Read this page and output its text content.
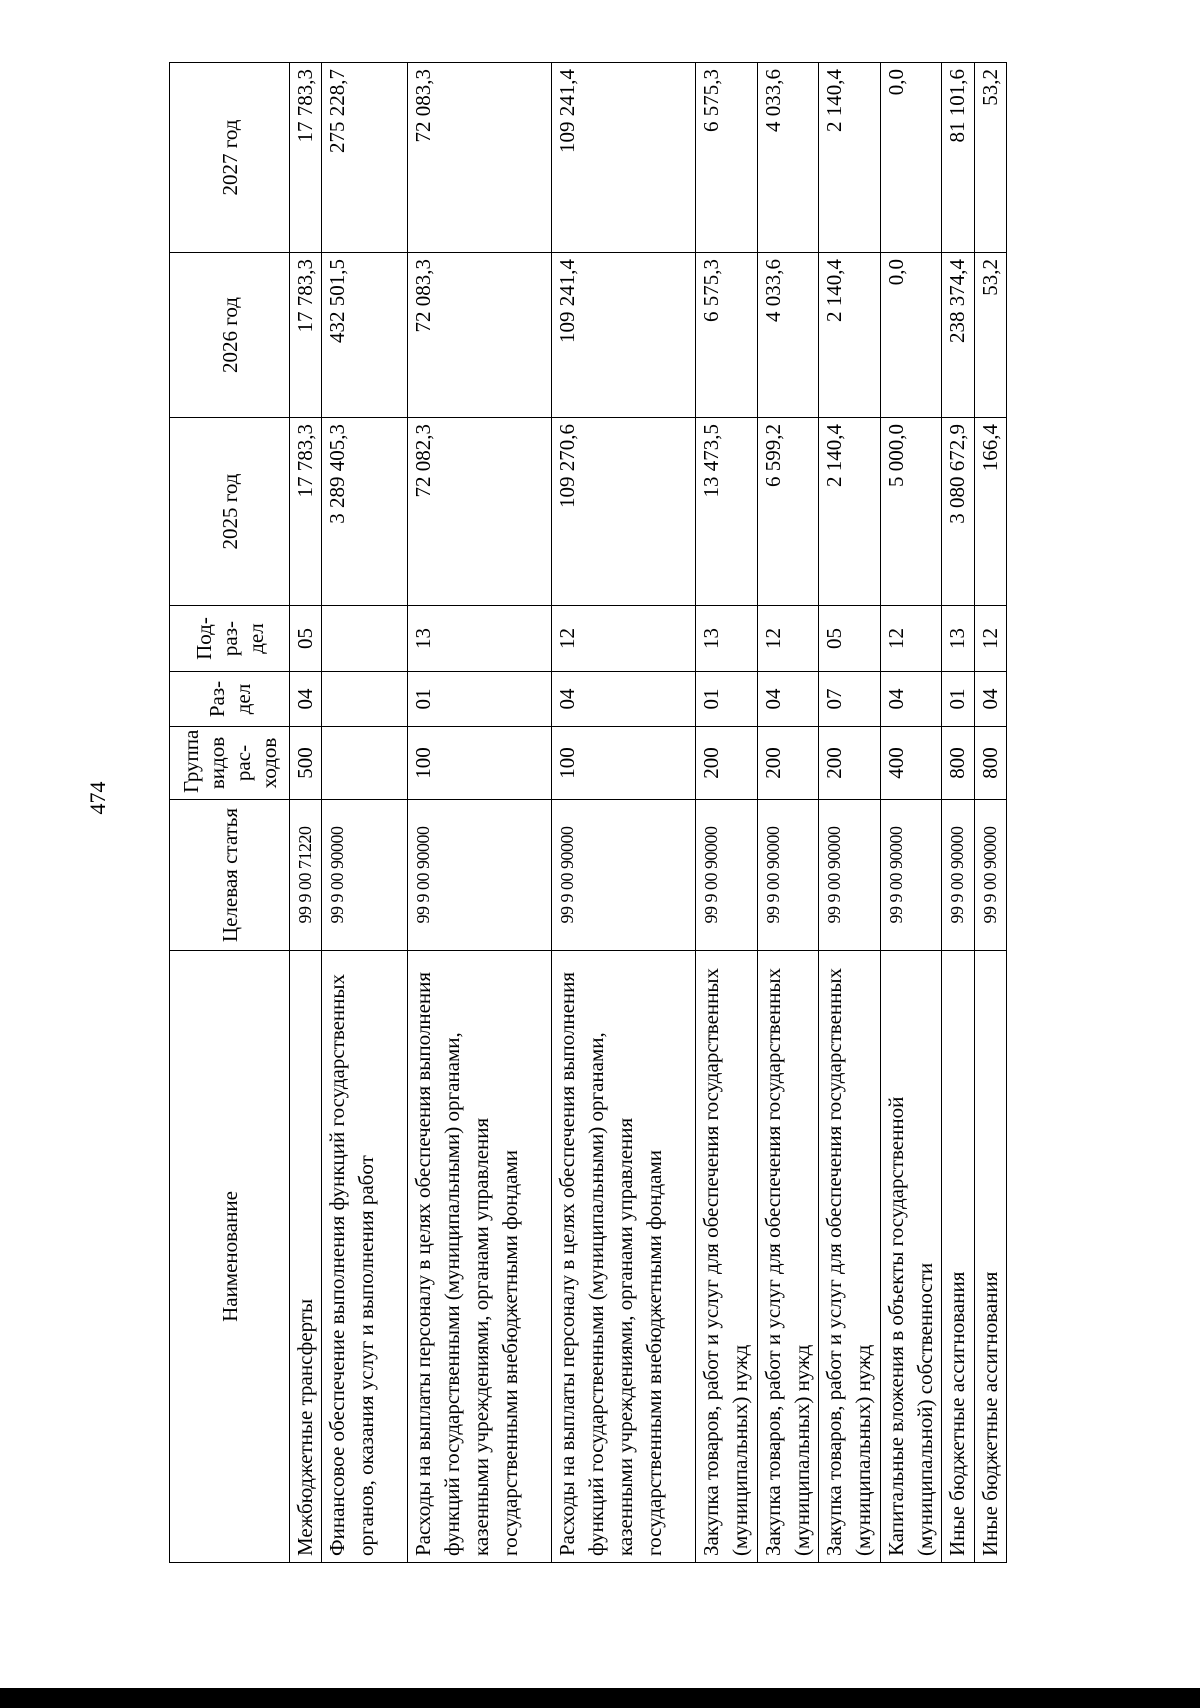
474
Наименование	Целевая статья	Группа видов рас-ходов	Раз-дел	Под-раз-дел	2025 год	2026 год	2027 год
Межбюджетные трансферты	99 9 00 71220	500	04	05	17 783,3	17 783,3	17 783,3
Финансовое обеспечение выполнения функций государственных органов, оказания услуг и выполнения работ	99 9 00 90000				3 289 405,3	432 501,5	275 228,7
Расходы на выплаты персоналу в целях обеспечения выполнения функций государственными (муниципальными) органами, казенными учреждениями, органами управления государственными внебюджетными фондами	99 9 00 90000	100	01	13	72 082,3	72 083,3	72 083,3
Расходы на выплаты персоналу в целях обеспечения выполнения функций государственными (муниципальными) органами, казенными учреждениями, органами управления государственными внебюджетными фондами	99 9 00 90000	100	04	12	109 270,6	109 241,4	109 241,4
Закупка товаров, работ и услуг для обеспечения государственных (муниципальных) нужд	99 9 00 90000	200	01	13	13 473,5	6 575,3	6 575,3
Закупка товаров, работ и услуг для обеспечения государственных (муниципальных) нужд	99 9 00 90000	200	04	12	6 599,2	4 033,6	4 033,6
Закупка товаров, работ и услуг для обеспечения государственных (муниципальных) нужд	99 9 00 90000	200	07	05	2 140,4	2 140,4	2 140,4
Капитальные вложения в объекты государственной (муниципальной) собственности	99 9 00 90000	400	04	12	5 000,0	0,0	0,0
Иные бюджетные ассигнования	99 9 00 90000	800	01	13	3 080 672,9	238 374,4	81 101,6
Иные бюджетные ассигнования	99 9 00 90000	800	04	12	166,4	53,2	53,2
